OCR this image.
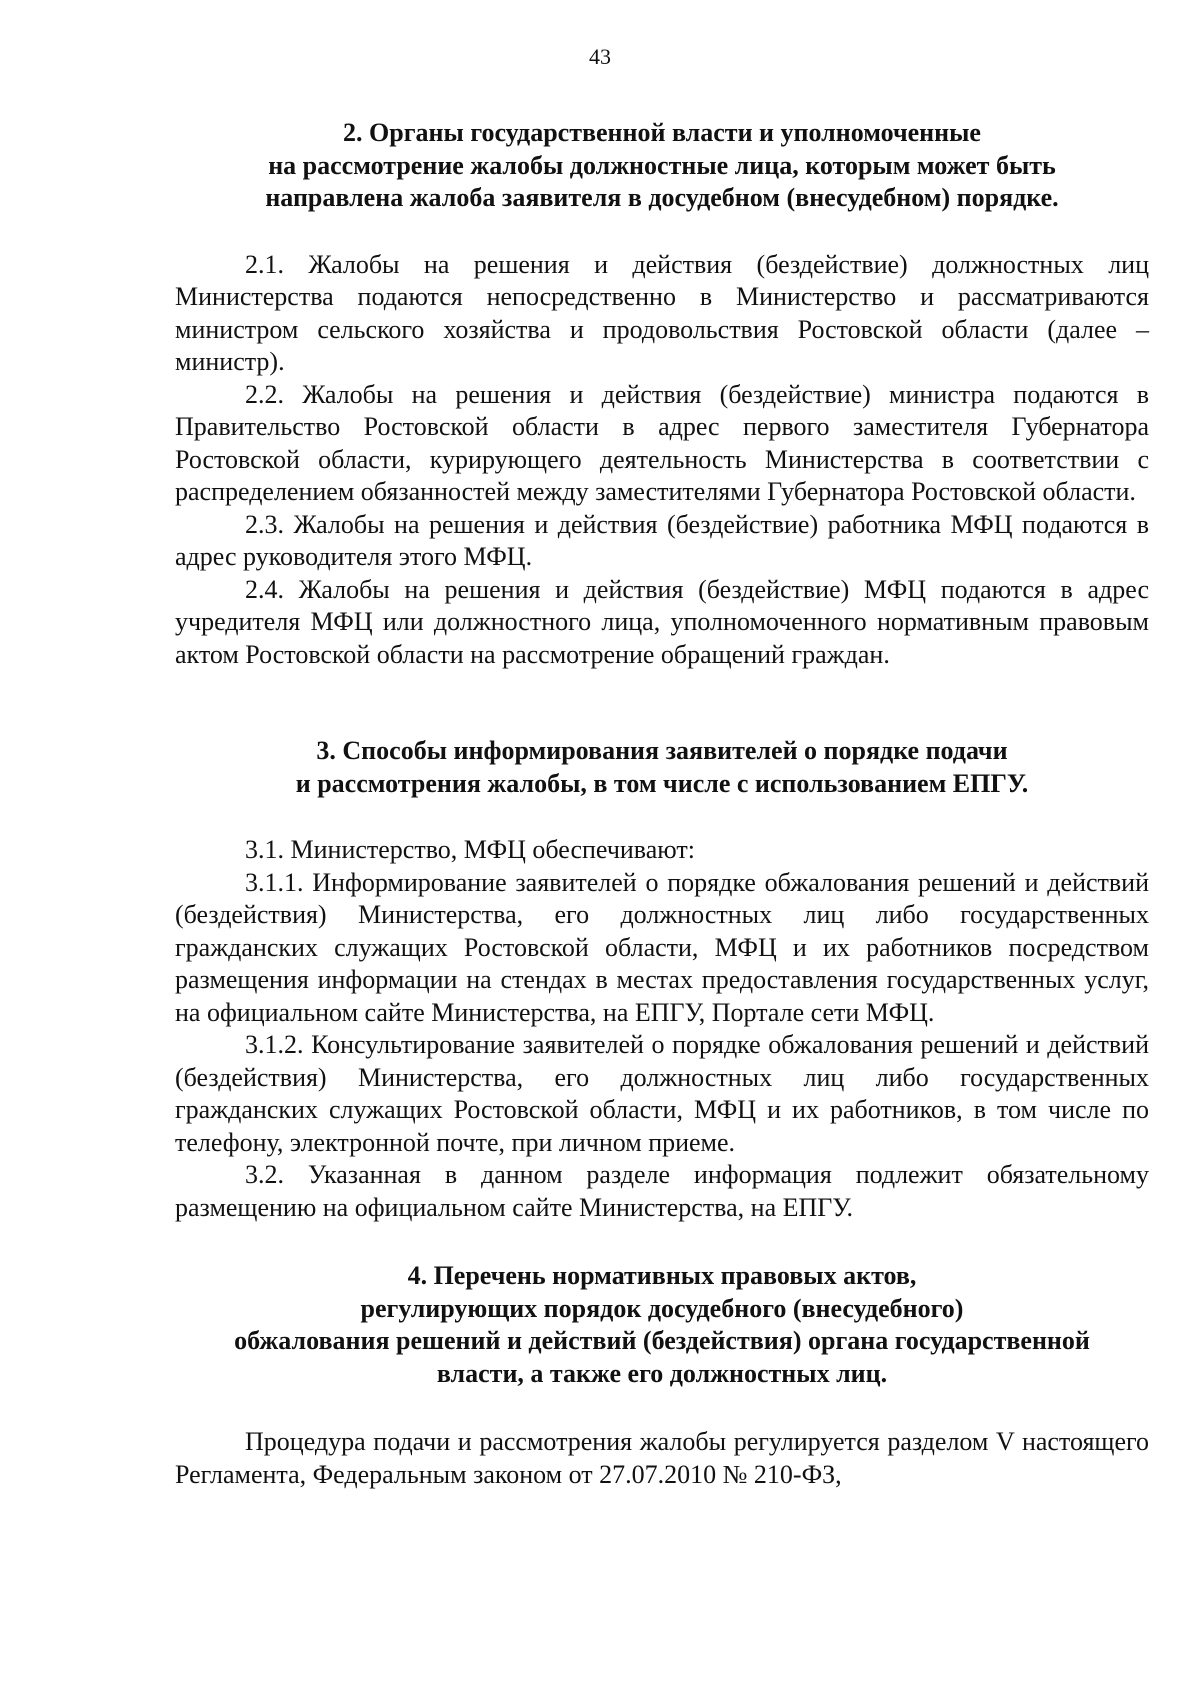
43
2. Органы государственной власти и уполномоченные
на рассмотрение жалобы должностные лица, которым может быть
направлена жалоба заявителя в досудебном (внесудебном) порядке.

2.1. Жалобы на решения и действия (бездействие) должностных лиц Министерства подаются непосредственно в Министерство и рассматриваются министром сельского хозяйства и продовольствия Ростовской области (далее – министр).

2.2. Жалобы на решения и действия (бездействие) министра подаются в Правительство Ростовской области в адрес первого заместителя Губернатора Ростовской области, курирующего деятельность Министерства в соответствии с распределением обязанностей между заместителями Губернатора Ростовской области.

2.3. Жалобы на решения и действия (бездействие) работника МФЦ подаются в адрес руководителя этого МФЦ.

2.4. Жалобы на решения и действия (бездействие) МФЦ подаются в адрес учредителя МФЦ или должностного лица, уполномоченного нормативным правовым актом Ростовской области на рассмотрение обращений граждан.

3. Способы информирования заявителей о порядке подачи
и рассмотрения жалобы, в том числе с использованием ЕПГУ.

3.1. Министерство, МФЦ обеспечивают:

3.1.1. Информирование заявителей о порядке обжалования решений и действий (бездействия) Министерства, его должностных лиц либо государственных гражданских служащих Ростовской области, МФЦ и их работников посредством размещения информации на стендах в местах предоставления государственных услуг, на официальном сайте Министерства, на ЕПГУ, Портале сети МФЦ.

3.1.2. Консультирование заявителей о порядке обжалования решений и действий (бездействия) Министерства, его должностных лиц либо государственных гражданских служащих Ростовской области, МФЦ и их работников, в том числе по телефону, электронной почте, при личном приеме.

3.2. Указанная в данном разделе информация подлежит обязательному размещению на официальном сайте Министерства, на ЕПГУ.

4. Перечень нормативных правовых актов,
регулирующих порядок досудебного (внесудебного)
обжалования решений и действий (бездействия) органа государственной
власти, а также его должностных лиц.

Процедура подачи и рассмотрения жалобы регулируется разделом V настоящего Регламента, Федеральным законом от 27.07.2010 № 210-ФЗ,
